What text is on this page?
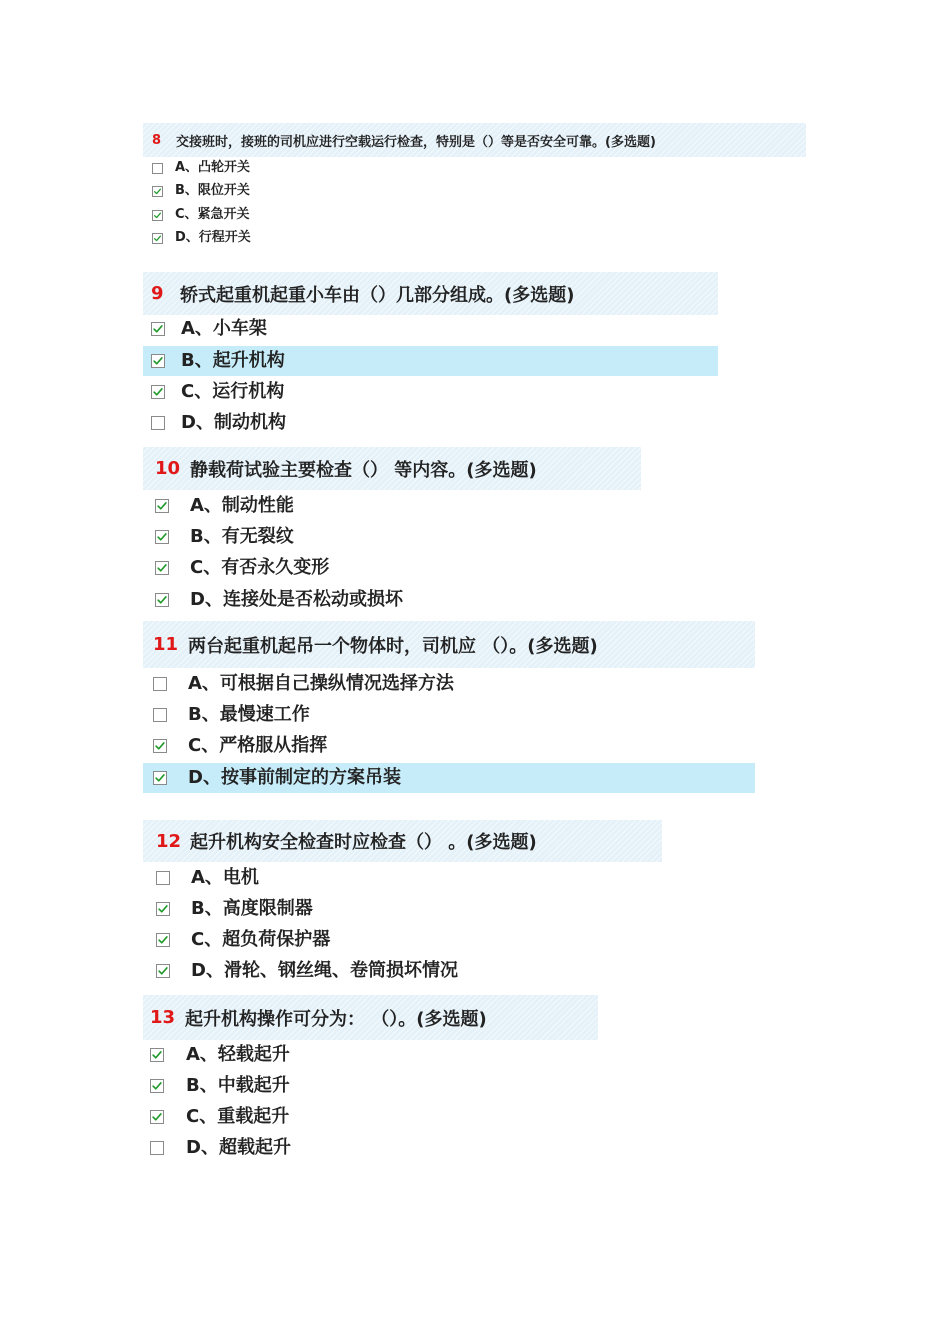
8 交接班时，接班的司机应进行空载运行检查，特别是（）等是否安全可靠。(多选题)
A、凸轮开关
B、限位开关
C、紧急开关
D、行程开关
9 轿式起重机起重小车由（）几部分组成。(多选题)
A、小车架
B、起升机构
C、运行机构
D、制动机构
10 静载荷试验主要检查（） 等内容。(多选题)
A、制动性能
B、有无裂纹
C、有否永久变形
D、连接处是否松动或损坏
11 两台起重机起吊一个物体时，司机应 （）。(多选题)
A、可根据自己操纵情况选择方法
B、最慢速工作
C、严格服从指挥
D、按事前制定的方案吊装
12 起升机构安全检查时应检查（） 。(多选题)
A、电机
B、高度限制器
C、超负荷保护器
D、滑轮、钢丝绳、卷筒损坏情况
13 起升机构操作可分为： （）。(多选题)
A、轻载起升
B、中载起升
C、重载起升
D、超载起升
